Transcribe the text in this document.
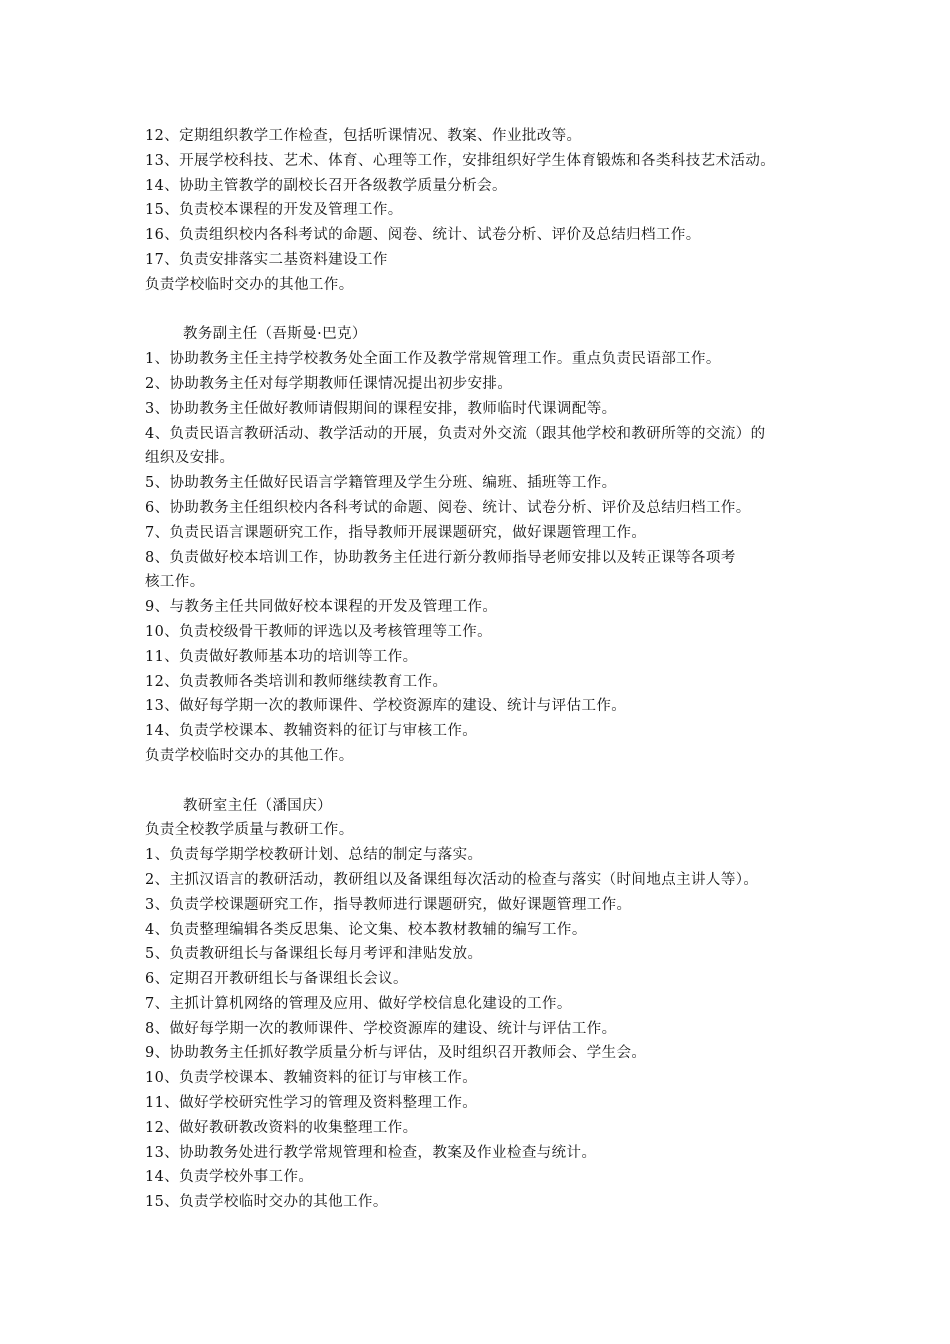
12、定期组织教学工作检查，包括听课情况、教案、作业批改等。
13、开展学校科技、艺术、体育、心理等工作，安排组织好学生体育锻炼和各类科技艺术活动。
14、协助主管教学的副校长召开各级教学质量分析会。
15、负责校本课程的开发及管理工作。
16、负责组织校内各科考试的命题、阅卷、统计、试卷分析、评价及总结归档工作。
17、负责安排落实二基资料建设工作
负责学校临时交办的其他工作。
教务副主任（吾斯曼·巴克）
1、协助教务主任主持学校教务处全面工作及教学常规管理工作。重点负责民语部工作。
2、协助教务主任对每学期教师任课情况提出初步安排。
3、协助教务主任做好教师请假期间的课程安排，教师临时代课调配等。
4、负责民语言教研活动、教学活动的开展，负责对外交流（跟其他学校和教研所等的交流）的
组织及安排。
5、协助教务主任做好民语言学籍管理及学生分班、编班、插班等工作。
6、协助教务主任组织校内各科考试的命题、阅卷、统计、试卷分析、评价及总结归档工作。
7、负责民语言课题研究工作，指导教师开展课题研究，做好课题管理工作。
8、负责做好校本培训工作，协助教务主任进行新分教师指导老师安排以及转正课等各项考
核工作。
9、与教务主任共同做好校本课程的开发及管理工作。
10、负责校级骨干教师的评选以及考核管理等工作。
11、负责做好教师基本功的培训等工作。
12、负责教师各类培训和教师继续教育工作。
13、做好每学期一次的教师课件、学校资源库的建设、统计与评估工作。
14、负责学校课本、教辅资料的征订与审核工作。
负责学校临时交办的其他工作。
教研室主任（潘国庆）
负责全校教学质量与教研工作。
1、负责每学期学校教研计划、总结的制定与落实。
2、主抓汉语言的教研活动，教研组以及备课组每次活动的检查与落实（时间地点主讲人等）。
3、负责学校课题研究工作，指导教师进行课题研究，做好课题管理工作。
4、负责整理编辑各类反思集、论文集、校本教材教辅的编写工作。
5、负责教研组长与备课组长每月考评和津贴发放。
6、定期召开教研组长与备课组长会议。
7、主抓计算机网络的管理及应用、做好学校信息化建设的工作。
8、做好每学期一次的教师课件、学校资源库的建设、统计与评估工作。
9、协助教务主任抓好教学质量分析与评估，及时组织召开教师会、学生会。
10、负责学校课本、教辅资料的征订与审核工作。
11、做好学校研究性学习的管理及资料整理工作。
12、做好教研教改资料的收集整理工作。
13、协助教务处进行教学常规管理和检查，教案及作业检查与统计。
14、负责学校外事工作。
15、负责学校临时交办的其他工作。
